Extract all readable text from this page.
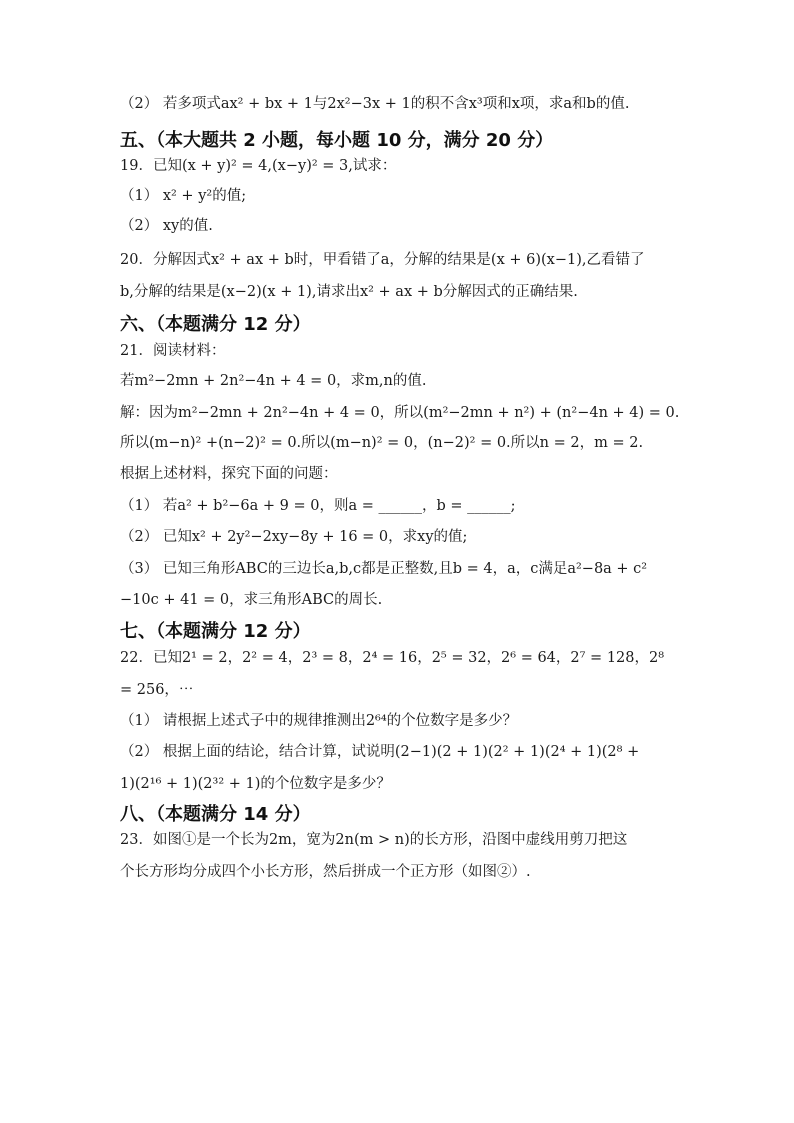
（2） 若多项式ax² + bx + 1与2x²−3x + 1的积不含x³项和x项，求a和b的值.
五、（本大题共 2 小题，每小题 10 分，满分 20 分）
19．已知(x + y)² = 4,(x−y)² = 3,试求：
（1） x² + y²的值;
（2） xy的值.
20．分解因式x² + ax + b时，甲看错了a，分解的结果是(x + 6)(x−1),乙看错了
b,分解的结果是(x−2)(x + 1),请求出x² + ax + b分解因式的正确结果.
六、（本题满分 12 分）
21．阅读材料：
若m²−2mn + 2n²−4n + 4 = 0，求m,n的值.
解：因为m²−2mn + 2n²−4n + 4 = 0，所以(m²−2mn + n²) + (n²−4n + 4) = 0.
所以(m−n)² +(n−2)² = 0.所以(m−n)² = 0，(n−2)² = 0.所以n = 2，m = 2.
根据上述材料，探究下面的问题：
（1） 若a² + b²−6a + 9 = 0，则a = ______，b = ______;
（2） 已知x² + 2y²−2xy−8y + 16 = 0，求xy的值;
（3） 已知三角形ABC的三边长a,b,c都是正整数,且b = 4，a，c满足a²−8a + c²
−10c + 41 = 0，求三角形ABC的周长.
七、（本题满分 12 分）
22．已知2¹ = 2，2² = 4，2³ = 8，2⁴ = 16，2⁵ = 32，2⁶ = 64，2⁷ = 128，2⁸
= 256，⋯
（1） 请根据上述式子中的规律推测出2⁶⁴的个位数字是多少？
（2） 根据上面的结论，结合计算，试说明(2−1)(2 + 1)(2² + 1)(2⁴ + 1)(2⁸ +
1)(2¹⁶ + 1)(2³² + 1)的个位数字是多少？
八、（本题满分 14 分）
23．如图①是一个长为2m，宽为2n(m > n)的长方形，沿图中虚线用剪刀把这
个长方形均分成四个小长方形，然后拼成一个正方形（如图②）.
